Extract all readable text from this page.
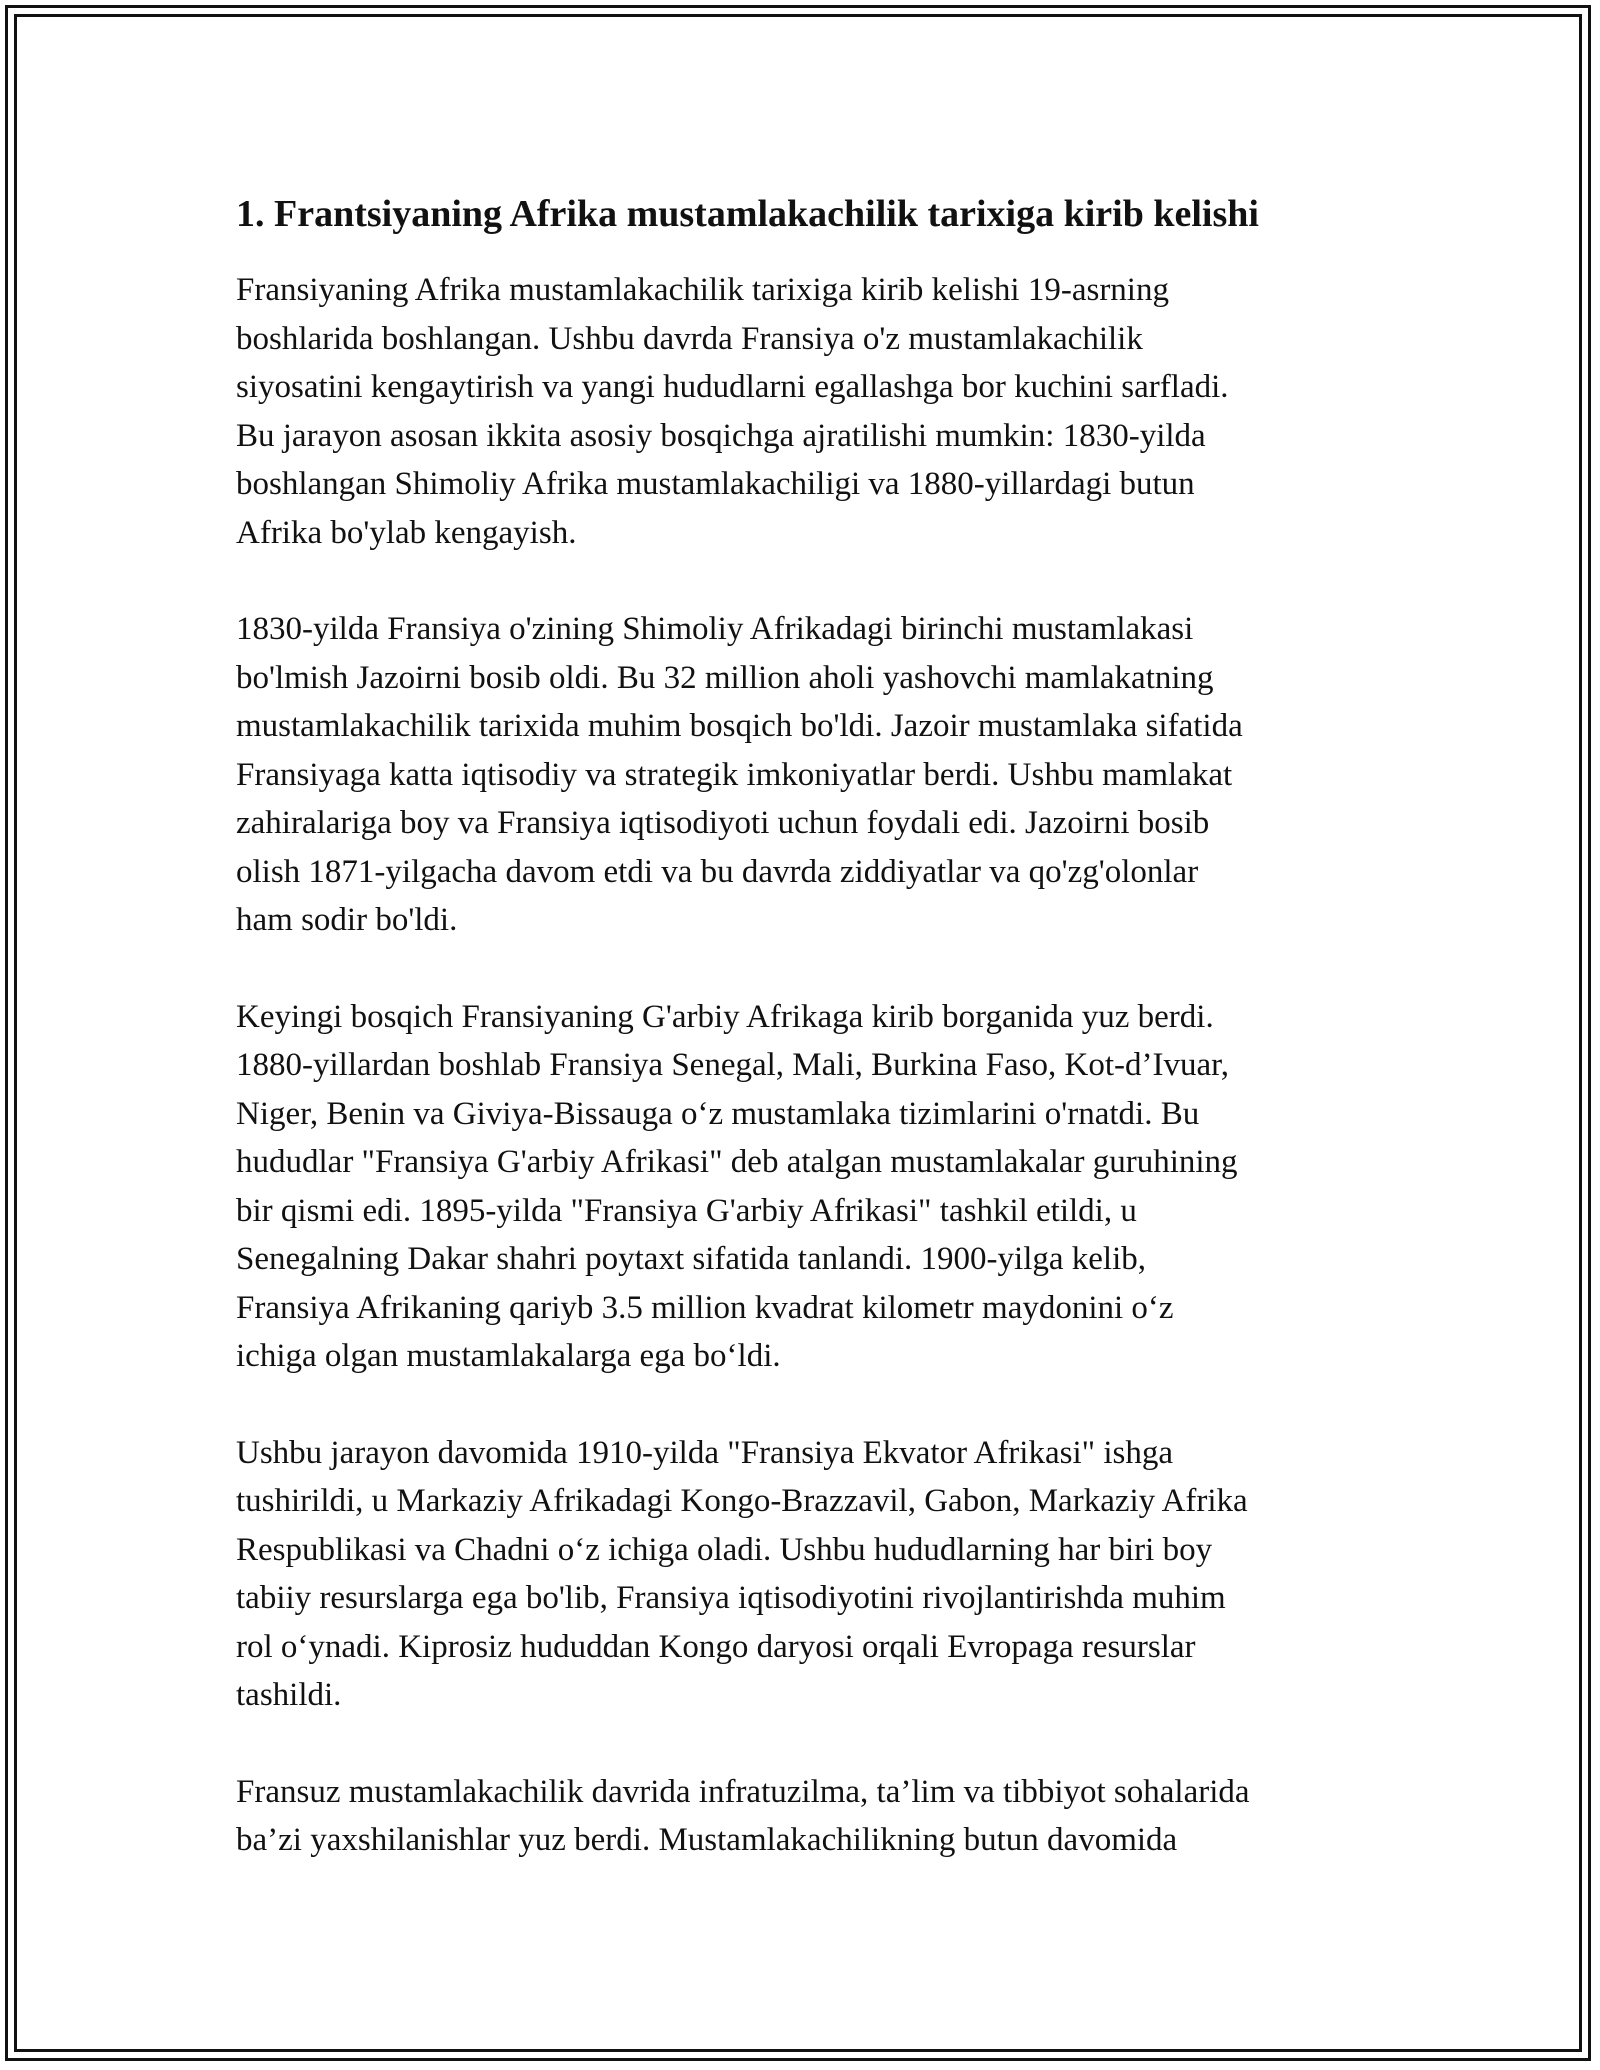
1. Frantsiyaning Afrika mustamlakachilik tarixiga kirib kelishi

Fransiyaning Afrika mustamlakachilik tarixiga kirib kelishi 19-asrning
boshlarida boshlangan. Ushbu davrda Fransiya o'z mustamlakachilik
siyosatini kengaytirish va yangi hududlarni egallashga bor kuchini sarfladi.
Bu jarayon asosan ikkita asosiy bosqichga ajratilishi mumkin: 1830-yilda
boshlangan Shimoliy Afrika mustamlakachiligi va 1880-yillardagi butun
Afrika bo'ylab kengayish.

1830-yilda Fransiya o'zining Shimoliy Afrikadagi birinchi mustamlakasi
bo'lmish Jazoirni bosib oldi. Bu 32 million aholi yashovchi mamlakatning
mustamlakachilik tarixida muhim bosqich bo'ldi. Jazoir mustamlaka sifatida
Fransiyaga katta iqtisodiy va strategik imkoniyatlar berdi. Ushbu mamlakat
zahiralariga boy va Fransiya iqtisodiyoti uchun foydali edi. Jazoirni bosib
olish 1871-yilgacha davom etdi va bu davrda ziddiyatlar va qo'zg'olonlar
ham sodir bo'ldi.

Keyingi bosqich Fransiyaning G'arbiy Afrikaga kirib borganida yuz berdi.
1880-yillardan boshlab Fransiya Senegal, Mali, Burkina Faso, Kot-d’Ivuar,
Niger, Benin va Giviya-Bissauga o‘z mustamlaka tizimlarini o'rnatdi. Bu
hududlar "Fransiya G'arbiy Afrikasi" deb atalgan mustamlakalar guruhining
bir qismi edi. 1895-yilda "Fransiya G'arbiy Afrikasi" tashkil etildi, u
Senegalning Dakar shahri poytaxt sifatida tanlandi. 1900-yilga kelib,
Fransiya Afrikaning qariyb 3.5 million kvadrat kilometr maydonini o‘z
ichiga olgan mustamlakalarga ega bo‘ldi.

Ushbu jarayon davomida 1910-yilda "Fransiya Ekvator Afrikasi" ishga
tushirildi, u Markaziy Afrikadagi Kongo-Brazzavil, Gabon, Markaziy Afrika
Respublikasi va Chadni o‘z ichiga oladi. Ushbu hududlarning har biri boy
tabiiy resurslarga ega bo'lib, Fransiya iqtisodiyotini rivojlantirishda muhim
rol o‘ynadi. Kiprosiz hududdan Kongo daryosi orqali Evropaga resurslar
tashildi.

Fransuz mustamlakachilik davrida infratuzilma, ta’lim va tibbiyot sohalarida
ba’zi yaxshilanishlar yuz berdi. Mustamlakachilikning butun davomida
